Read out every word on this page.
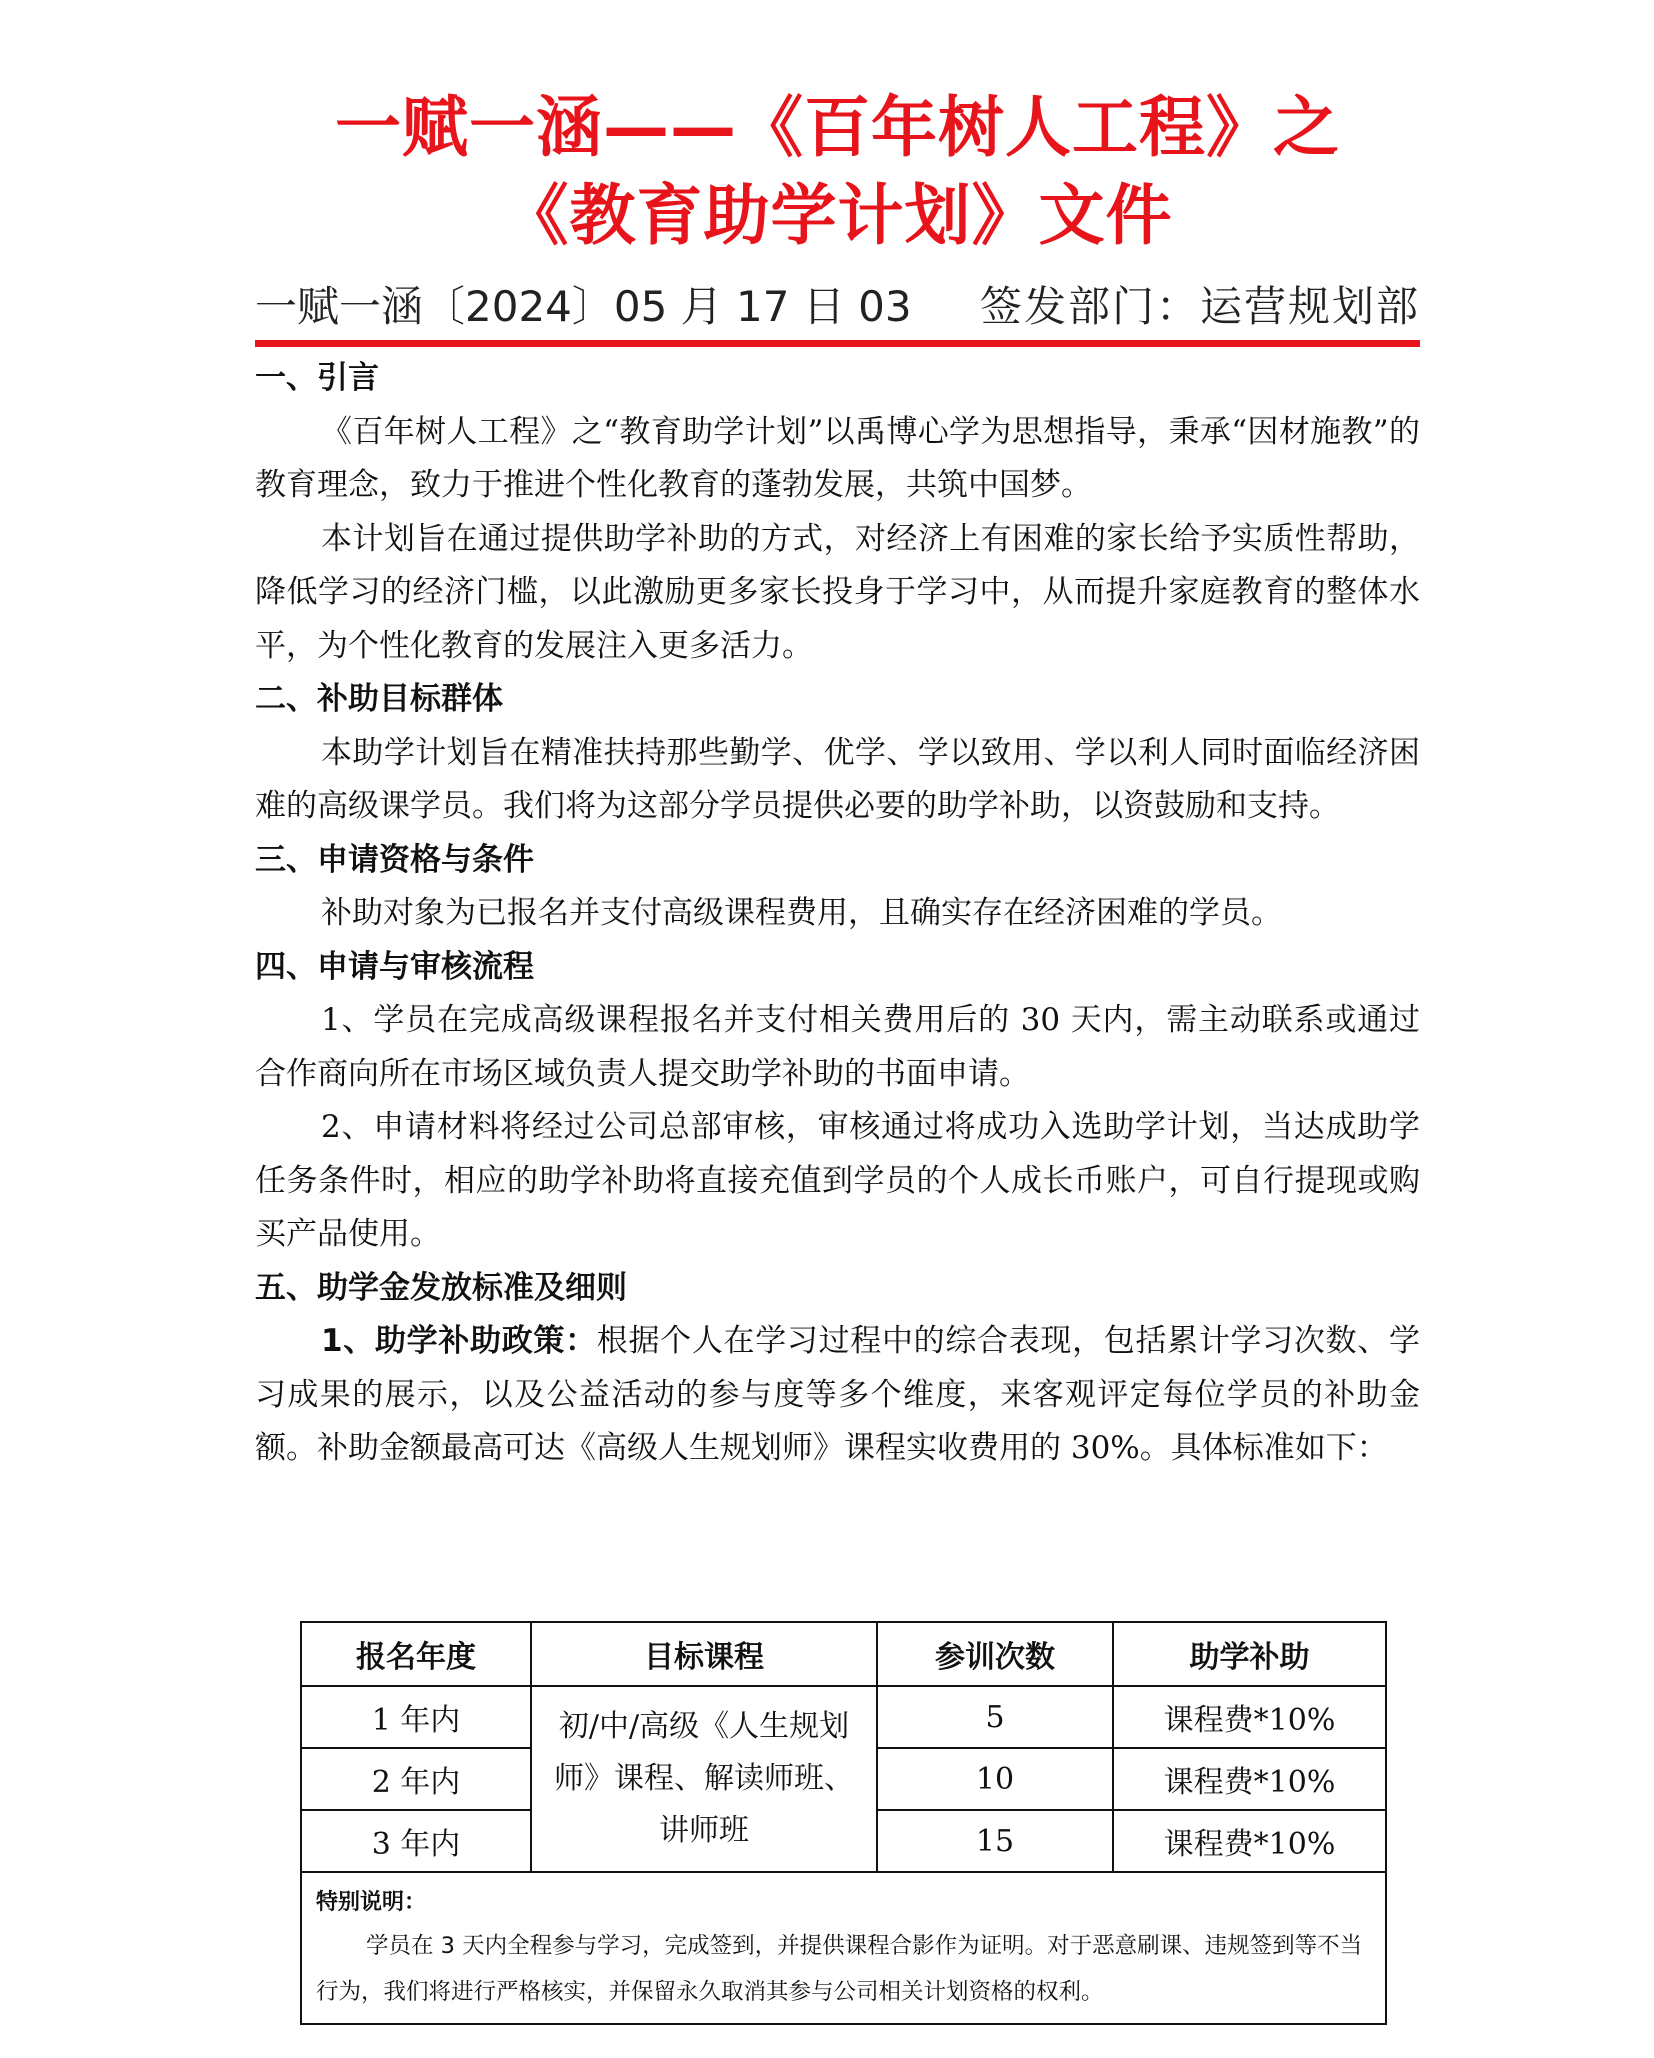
一赋一涵——《百年树人工程》之
《教育助学计划》文件
一赋一涵〔2024〕05 月 17 日 03 签发部门：运营规划部

一、引言

《百年树人工程》之“教育助学计划”以禹博心学为思想指导，秉承“因材施教”的教育理念，致力于推进个性化教育的蓬勃发展，共筑中国梦。

本计划旨在通过提供助学补助的方式，对经济上有困难的家长给予实质性帮助，降低学习的经济门槛，以此激励更多家长投身于学习中，从而提升家庭教育的整体水平，为个性化教育的发展注入更多活力。

二、补助目标群体

本助学计划旨在精准扶持那些勤学、优学、学以致用、学以利人同时面临经济困难的高级课学员。我们将为这部分学员提供必要的助学补助，以资鼓励和支持。

三、申请资格与条件

补助对象为已报名并支付高级课程费用，且确实存在经济困难的学员。

四、申请与审核流程

1、学员在完成高级课程报名并支付相关费用后的 30 天内，需主动联系或通过合作商向所在市场区域负责人提交助学补助的书面申请。

2、申请材料将经过公司总部审核，审核通过将成功入选助学计划，当达成助学任务条件时，相应的助学补助将直接充值到学员的个人成长币账户，可自行提现或购买产品使用。

五、助学金发放标准及细则

1、助学补助政策：根据个人在学习过程中的综合表现，包括累计学习次数、学习成果的展示，以及公益活动的参与度等多个维度，来客观评定每位学员的补助金额。补助金额最高可达《高级人生规划师》课程实收费用的 30%。具体标准如下：

报名年度	目标课程	参训次数	助学补助
1 年内	初/中/高级《人生规划师》课程、解读师班、讲师班	5	课程费*10%
2 年内		10	课程费*10%
3 年内		15	课程费*10%

特别说明：
学员在 3 天内全程参与学习，完成签到，并提供课程合影作为证明。对于恶意刷课、违规签到等不当行为，我们将进行严格核实，并保留永久取消其参与公司相关计划资格的权利。			
